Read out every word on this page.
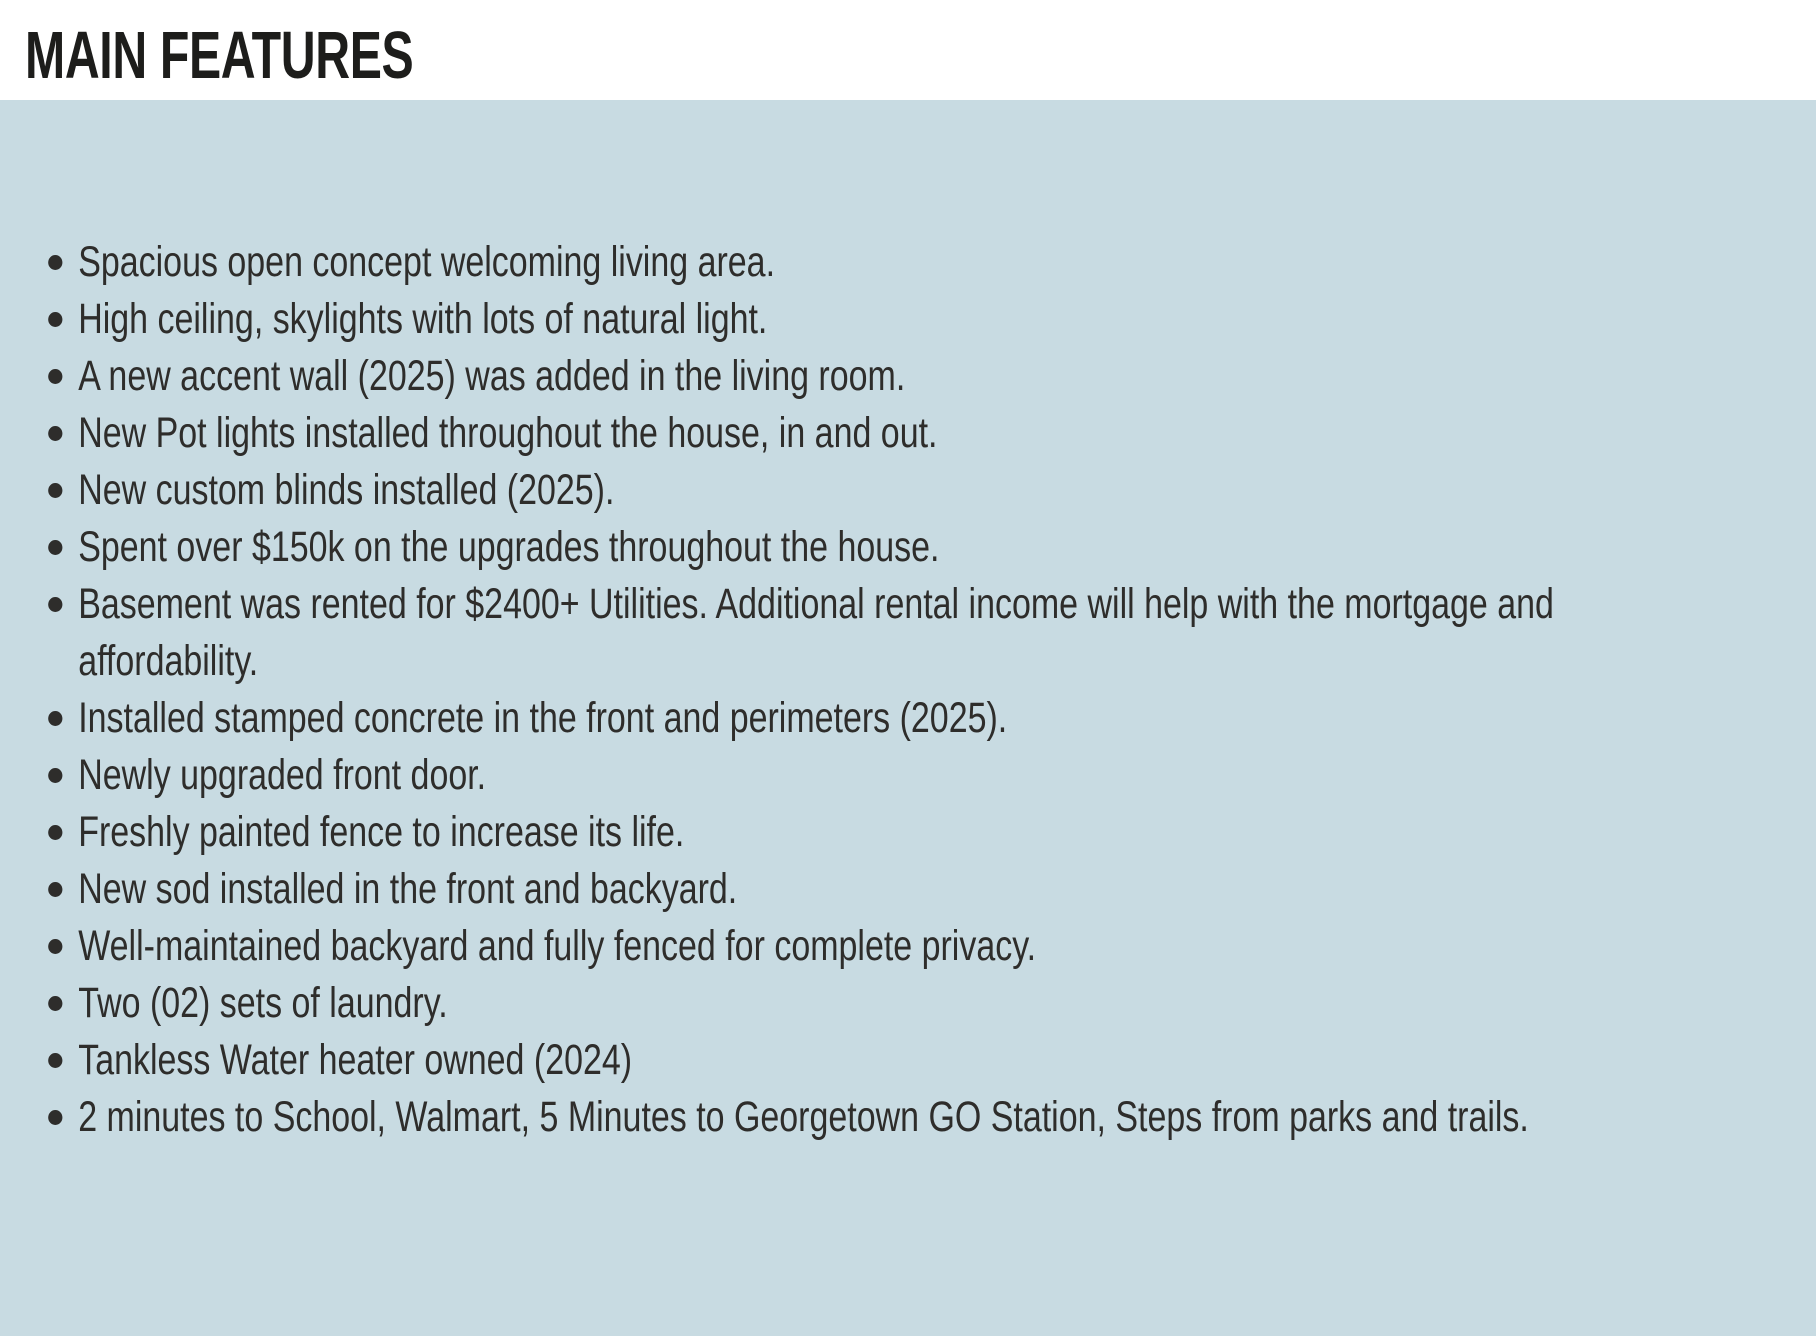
MAIN FEATURES
Spacious open concept welcoming living area.
High ceiling, skylights with lots of natural light.
A new accent wall (2025) was added in the living room.
New Pot lights installed throughout the house, in and out.
New custom blinds installed (2025).
Spent over $150k on the upgrades throughout the house.
Basement was rented for $2400+ Utilities. Additional rental income will help with the mortgage and affordability.
Installed stamped concrete in the front and perimeters (2025).
Newly upgraded front door.
Freshly painted fence to increase its life.
New sod installed in the front and backyard.
Well-maintained backyard and fully fenced for complete privacy.
Two (02) sets of laundry.
Tankless Water heater owned (2024)
2 minutes to School, Walmart, 5 Minutes to Georgetown GO Station, Steps from parks and trails.
